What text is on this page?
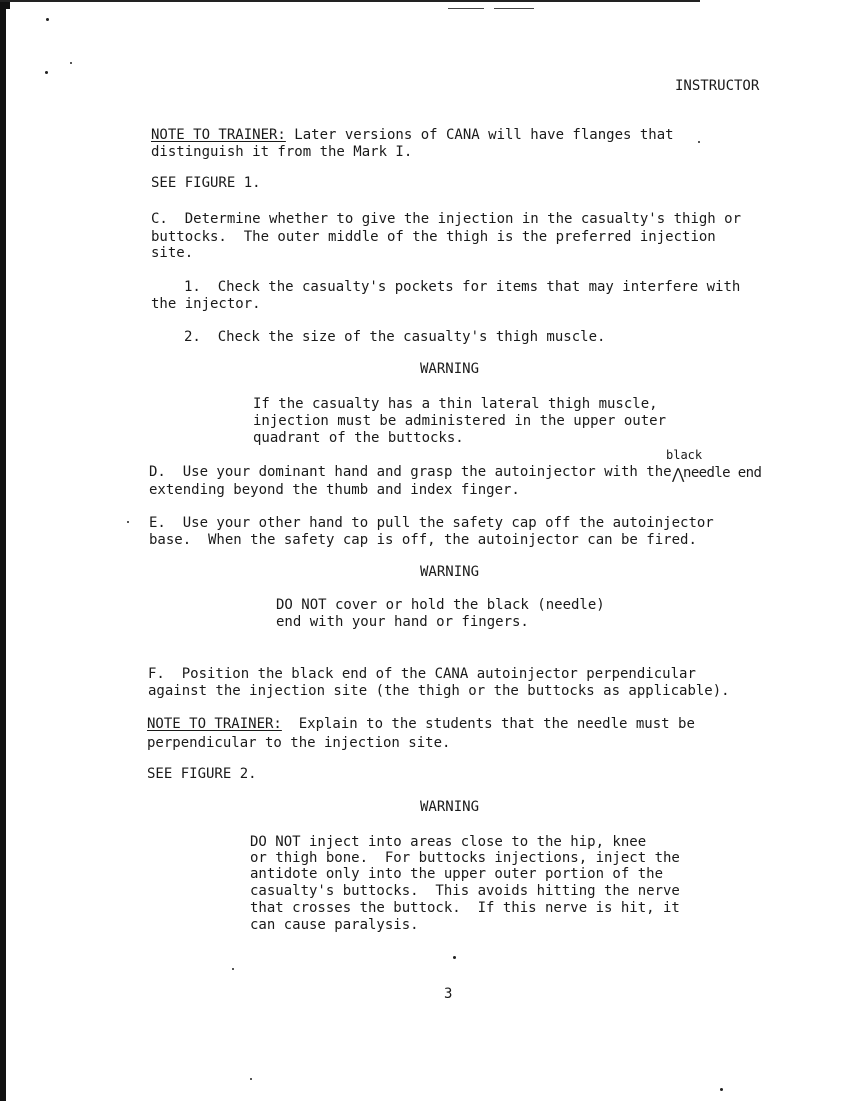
INSTRUCTOR
NOTE TO TRAINER: Later versions of CANA will have flanges that
distinguish it from the Mark I.
SEE FIGURE 1.
C.  Determine whether to give the injection in the casualty's thigh or
buttocks.  The outer middle of the thigh is the preferred injection
site.
1.  Check the casualty's pockets for items that may interfere with
the injector.
2.  Check the size of the casualty's thigh muscle.
WARNING
If the casualty has a thin lateral thigh muscle,
injection must be administered in the upper outer
quadrant of the buttocks.
black
D.  Use your dominant hand and grasp the autoinjector with the ⋀
needle end
extending beyond the thumb and index finger.
E.  Use your other hand to pull the safety cap off the autoinjector
base.  When the safety cap is off, the autoinjector can be fired.
WARNING
DO NOT cover or hold the black (needle)
end with your hand or fingers.
F.  Position the black end of the CANA autoinjector perpendicular
against the injection site (the thigh or the buttocks as applicable).
NOTE TO TRAINER:  Explain to the students that the needle must be
perpendicular to the injection site.
SEE FIGURE 2.
WARNING
DO NOT inject into areas close to the hip, knee
or thigh bone.  For buttocks injections, inject the
antidote only into the upper outer portion of the
casualty's buttocks.  This avoids hitting the nerve
that crosses the buttock.  If this nerve is hit, it
can cause paralysis.
3
